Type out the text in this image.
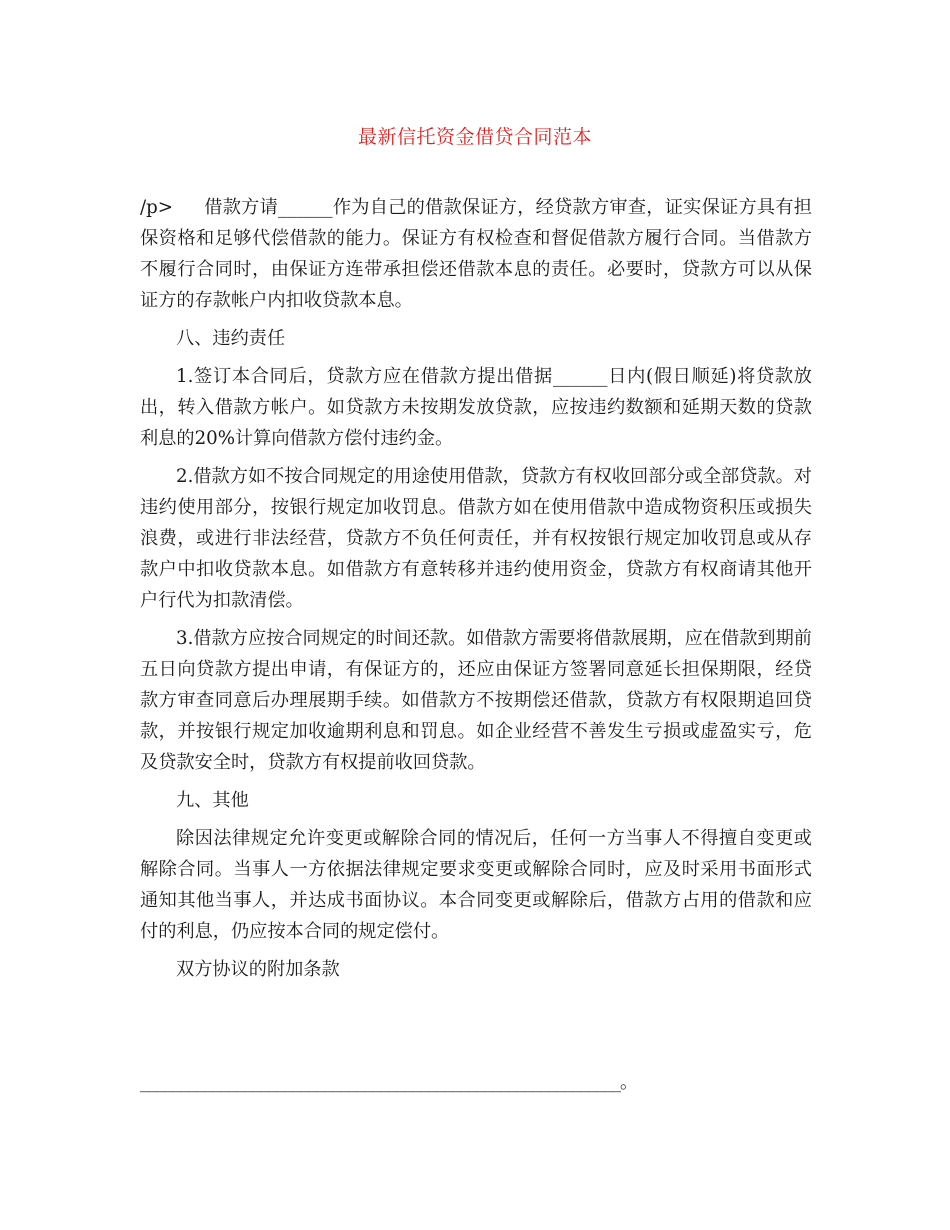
最新信托资金借贷合同范本

/p> 借款方请______作为自己的借款保证方，经贷款方审查，证实保证方具有担保资格和足够代偿借款的能力。保证方有权检查和督促借款方履行合同。当借款方不履行合同时，由保证方连带承担偿还借款本息的责任。必要时，贷款方可以从保证方的存款帐户内扣收贷款本息。

八、违约责任

1.签订本合同后，贷款方应在借款方提出借据______日内(假日顺延)将贷款放出，转入借款方帐户。如贷款方未按期发放贷款，应按违约数额和延期天数的贷款利息的20%计算向借款方偿付违约金。

2.借款方如不按合同规定的用途使用借款，贷款方有权收回部分或全部贷款。对违约使用部分，按银行规定加收罚息。借款方如在使用借款中造成物资积压或损失浪费，或进行非法经营，贷款方不负任何责任，并有权按银行规定加收罚息或从存款户中扣收贷款本息。如借款方有意转移并违约使用资金，贷款方有权商请其他开户行代为扣款清偿。

3.借款方应按合同规定的时间还款。如借款方需要将借款展期，应在借款到期前五日向贷款方提出申请，有保证方的，还应由保证方签署同意延长担保期限，经贷款方审查同意后办理展期手续。如借款方不按期偿还借款，贷款方有权限期追回贷款，并按银行规定加收逾期利息和罚息。如企业经营不善发生亏损或虚盈实亏，危及贷款安全时，贷款方有权提前收回贷款。

九、其他

除因法律规定允许变更或解除合同的情况后，任何一方当事人不得擅自变更或解除合同。当事人一方依据法律规定要求变更或解除合同时，应及时采用书面形式通知其他当事人，并达成书面协议。本合同变更或解除后，借款方占用的借款和应付的利息，仍应按本合同的规定偿付。

双方协议的附加条款

____________________________________________________________。
